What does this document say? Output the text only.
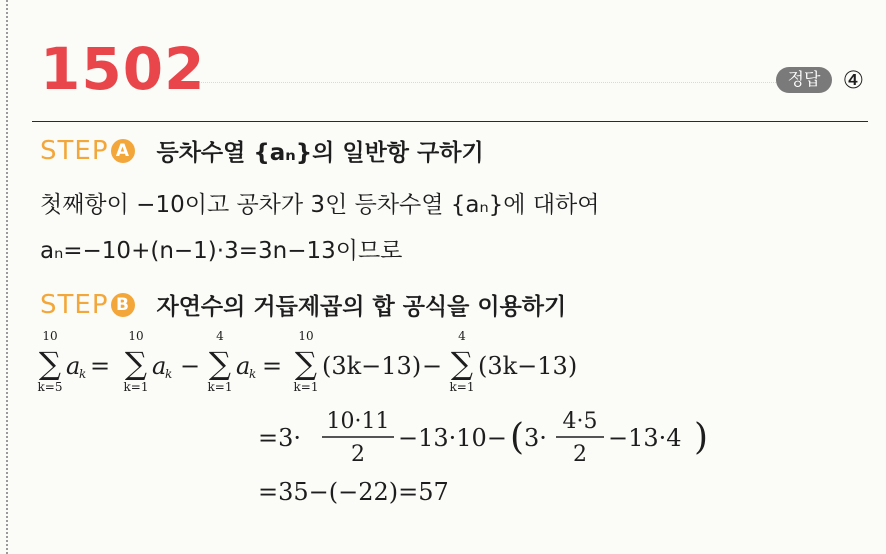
1502	정답 ④
STEP A 등차수열 {aₙ}의 일반항 구하기
첫째항이 −10이고 공차가 3인 등차수열 {aₙ}에 대하여
aₙ=−10+(n−1)·3=3n−13이므로
STEP B 자연수의 거듭제곱의 합 공식을 이용하기
10
∑
k=5
a
k =
10
∑
k=1
a
k −
4
∑
k=1
a
k =
10
∑
k=1
(3k−13) −
4
∑
k=1
(3k−13)
=3·
10·11
2
−13·10− ( 3·
4·5
2
−13·4 )
=35−(−22)=57
